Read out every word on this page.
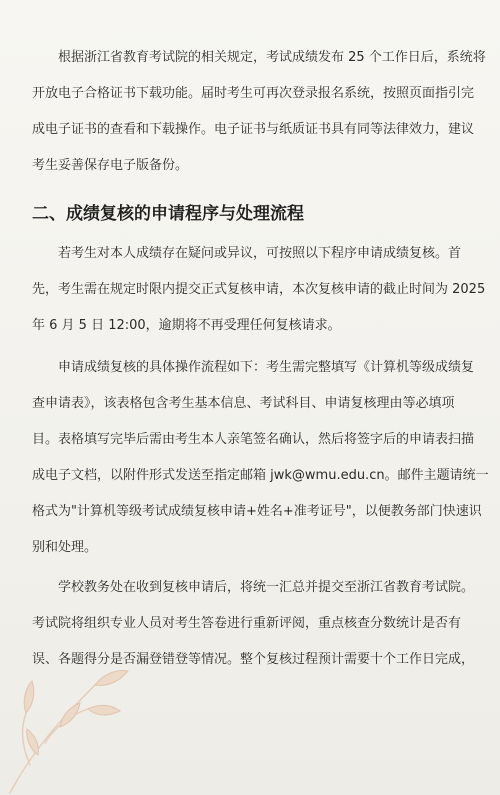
根据浙江省教育考试院的相关规定，考试成绩发布 25 个工作日后，系统将
开放电子合格证书下载功能。届时考生可再次登录报名系统，按照页面指引完
成电子证书的查看和下载操作。电子证书与纸质证书具有同等法律效力，建议
考生妥善保存电子版备份。
二、成绩复核的申请程序与处理流程
若考生对本人成绩存在疑问或异议，可按照以下程序申请成绩复核。首
先，考生需在规定时限内提交正式复核申请，本次复核申请的截止时间为 2025
年 6 月 5 日 12:00，逾期将不再受理任何复核请求。
申请成绩复核的具体操作流程如下：考生需完整填写《计算机等级成绩复
查申请表》，该表格包含考生基本信息、考试科目、申请复核理由等必填项
目。表格填写完毕后需由考生本人亲笔签名确认，然后将签字后的申请表扫描
成电子文档，以附件形式发送至指定邮箱 jwk@wmu.edu.cn。邮件主题请统一
格式为"计算机等级考试成绩复核申请+姓名+准考证号"，以便教务部门快速识
别和处理。
学校教务处在收到复核申请后，将统一汇总并提交至浙江省教育考试院。
考试院将组织专业人员对考生答卷进行重新评阅，重点核查分数统计是否有
误、各题得分是否漏登错登等情况。整个复核过程预计需要十个工作日完成，
